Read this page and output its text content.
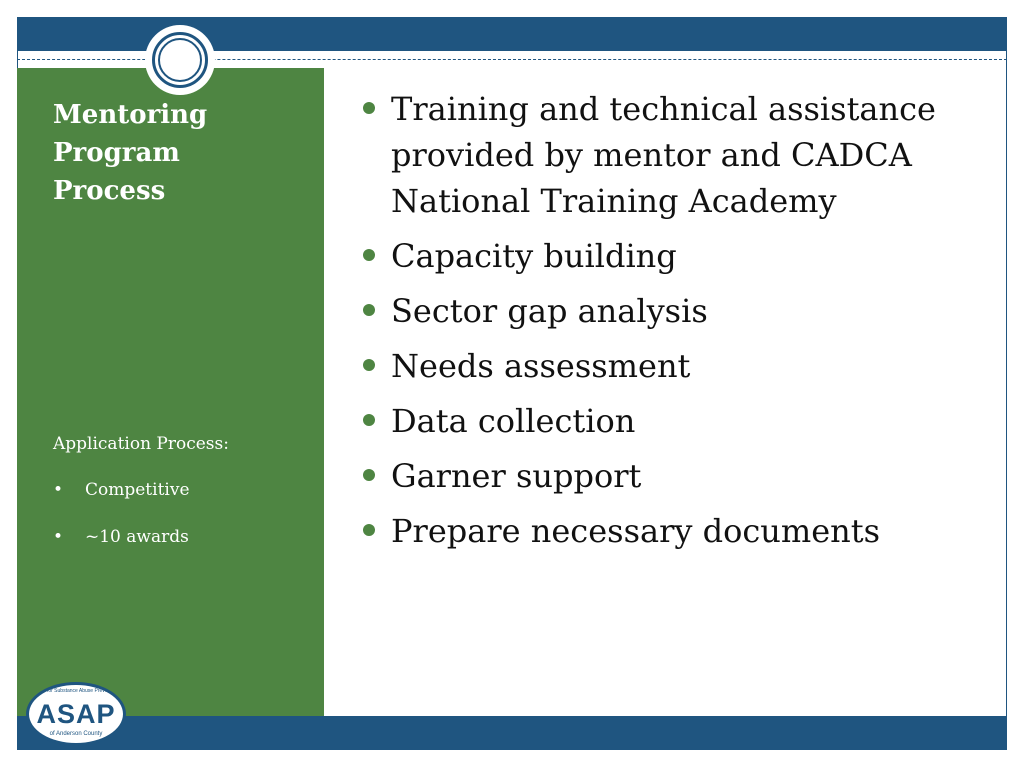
Mentoring
Program
Process

Application Process:

•	Competitive
•	~10 awards
Training and technical assistance provided by mentor and CADCA National Training Academy
Capacity building
Sector gap analysis
Needs assessment
Data collection
Garner support
Prepare necessary documents
Allies for Substance Abuse Prevention
ASAP
of Anderson County
